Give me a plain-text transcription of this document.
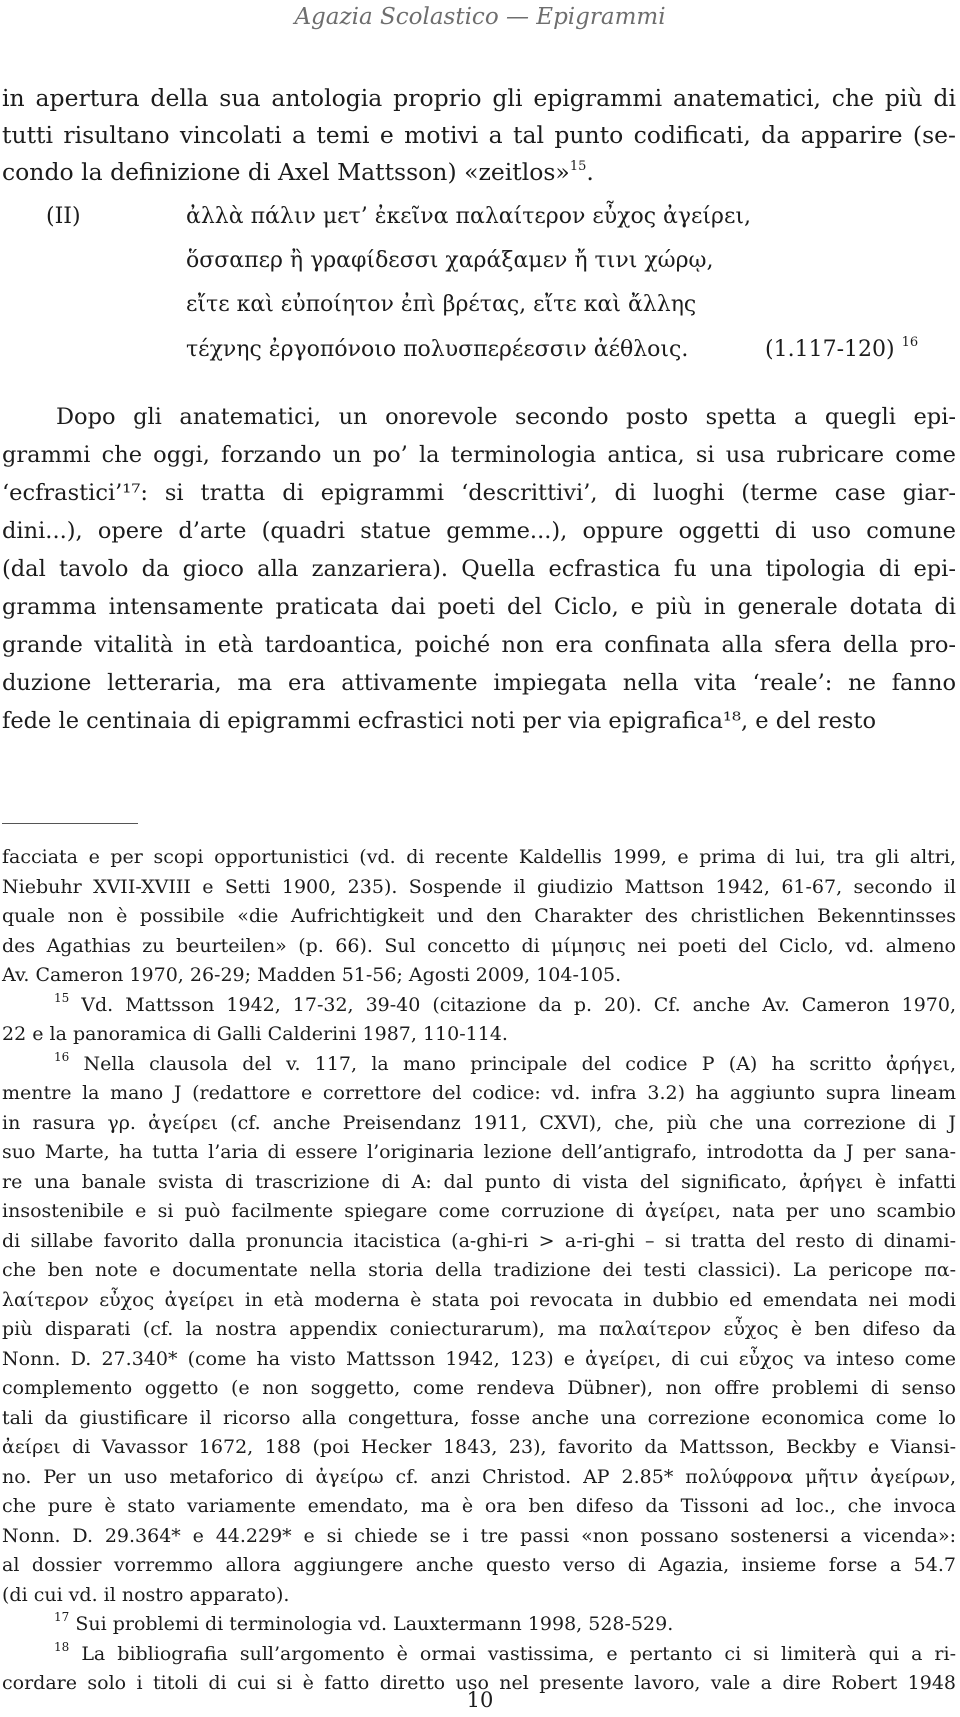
Agazia Scolastico — Epigrammi

in apertura della sua antologia proprio gli epigrammi anatematici, che più di
tutti risultano vincolati a temi e motivi a tal punto codificati, da apparire (se-
condo la definizione di Axel Mattsson) «zeitlos»$^{15}$.

(II)	ἀλλὰ πάλιν μετ’ ἐκεῖνα παλαίτερον εὖχος ἀγείρει,
ὅσσαπερ ἢ γραφίδεσσι χαράξαμεν ἤ τινι χώρῳ,
εἴτε καὶ εὐποίητον ἐπὶ βρέτας, εἴτε καὶ ἄλλης
τέχνης ἐργοπόνοιο πολυσπερέεσσιν ἀέθλοις.	(1.117-120) $^{16}$

Dopo gli anatematici, un onorevole secondo posto spetta a quegli epi-
grammi che oggi, forzando un po’ la terminologia antica, si usa rubricare come
‘ecfrastici’¹⁷: si tratta di epigrammi ‘descrittivi’, di luoghi (terme case giar-
dini...), opere d’arte (quadri statue gemme...), oppure oggetti di uso comune
(dal tavolo da gioco alla zanzariera). Quella ecfrastica fu una tipologia di epi-
gramma intensamente praticata dai poeti del Ciclo, e più in generale dotata di
grande vitalità in età tardoantica, poiché non era confinata alla sfera della pro-
duzione letteraria, ma era attivamente impiegata nella vita ‘reale’: ne fanno
fede le centinaia di epigrammi ecfrastici noti per via epigrafica¹⁸, e del resto

facciata e per scopi opportunistici (vd. di recente Kaldellis 1999, e prima di lui, tra gli altri,
Niebuhr XVII-XVIII e Setti 1900, 235). Sospende il giudizio Mattson 1942, 61-67, secondo il
quale non è possibile «die Aufrichtigkeit und den Charakter des christlichen Bekenntinsses
des Agathias zu beurteilen» (p. 66). Sul concetto di μίμησις nei poeti del Ciclo, vd. almeno
Av. Cameron 1970, 26-29; Madden 51-56; Agosti 2009, 104-105.
$^{15}$ Vd. Mattsson 1942, 17-32, 39-40 (citazione da p. 20). Cf. anche Av. Cameron 1970,
22 e la panoramica di Galli Calderini 1987, 110-114.
$^{16}$ Nella clausola del v. 117, la mano principale del codice P (A) ha scritto ἀρήγει,
mentre la mano J (redattore e correttore del codice: vd. infra 3.2) ha aggiunto supra lineam
in rasura γρ. ἀγείρει (cf. anche Preisendanz 1911, CXVI), che, più che una correzione di J
suo Marte, ha tutta l’aria di essere l’originaria lezione dell’antigrafo, introdotta da J per sana-
re una banale svista di trascrizione di A: dal punto di vista del significato, ἀρήγει è infatti
insostenibile e si può facilmente spiegare come corruzione di ἀγείρει, nata per uno scambio
di sillabe favorito dalla pronuncia itacistica (a-ghi-ri > a-ri-ghi – si tratta del resto di dinami-
che ben note e documentate nella storia della tradizione dei testi classici). La pericope πα-
λαίτερον εὖχος ἀγείρει in età moderna è stata poi revocata in dubbio ed emendata nei modi
più disparati (cf. la nostra appendix coniecturarum), ma παλαίτερον εὖχος è ben difeso da
Nonn. D. 27.340* (come ha visto Mattsson 1942, 123) e ἀγείρει, di cui εὖχος va inteso come
complemento oggetto (e non soggetto, come rendeva Dübner), non offre problemi di senso
tali da giustificare il ricorso alla congettura, fosse anche una correzione economica come lo
ἀείρει di Vavassor 1672, 188 (poi Hecker 1843, 23), favorito da Mattsson, Beckby e Viansi-
no. Per un uso metaforico di ἀγείρω cf. anzi Christod. AP 2.85* πολύφρονα μῆτιν ἀγείρων,
che pure è stato variamente emendato, ma è ora ben difeso da Tissoni ad loc., che invoca
Nonn. D. 29.364* e 44.229* e si chiede se i tre passi «non possano sostenersi a vicenda»:
al dossier vorremmo allora aggiungere anche questo verso di Agazia, insieme forse a 54.7
(di cui vd. il nostro apparato).
$^{17}$ Sui problemi di terminologia vd. Lauxtermann 1998, 528-529.
$^{18}$ La bibliografia sull’argomento è ormai vastissima, e pertanto ci si limiterà qui a ri-
cordare solo i titoli di cui si è fatto diretto uso nel presente lavoro, vale a dire Robert 1948
10
